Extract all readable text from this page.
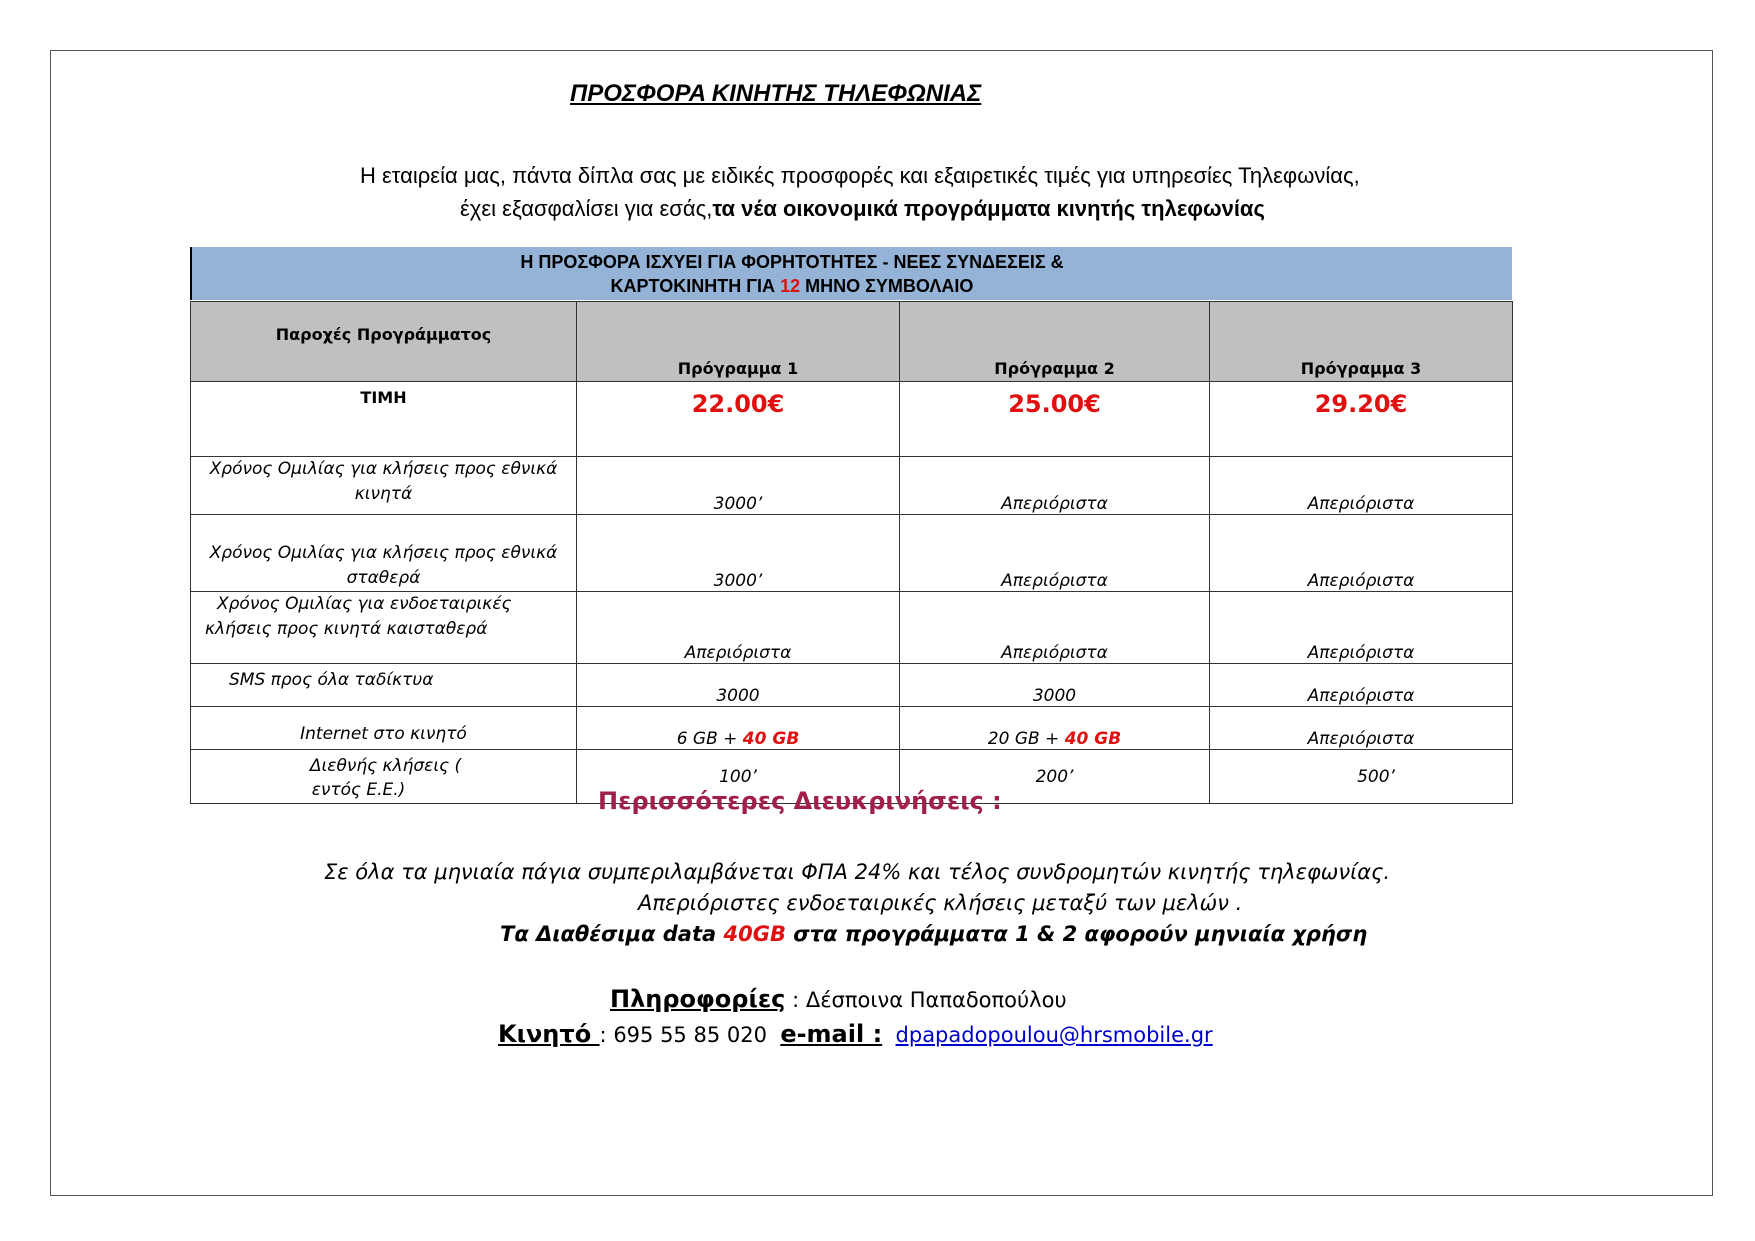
ΠΡΟΣΦΟΡΑ ΚΙΝΗΤΗΣ ΤΗΛΕΦΩΝΙΑΣ
Η εταιρεία μας, πάντα δίπλα σας με ειδικές προσφορές και εξαιρετικές τιμές για υπηρεσίες Τηλεφωνίας,
έχει εξασφαλίσει για εσάς,τα νέα οικονομικά προγράμματα κινητής τηλεφωνίας
Η ΠΡΟΣΦΟΡΑ ΙΣΧΥΕΙ ΓΙΑ ΦΟΡΗΤΟΤΗΤΕΣ - ΝΕΕΣ ΣΥΝΔΕΣΕΙΣ &
ΚΑΡΤΟΚΙΝΗΤΗ ΓΙΑ 12 ΜΗΝΟ ΣΥΜΒΟΛΑΙΟ
Παροχές Προγράμματος	Πρόγραμμα 1	Πρόγραμμα 2	Πρόγραμμα 3
ΤΙΜΗ	22.00€	25.00€	29.20€

Χρόνος Ομιλίας για κλήσεις προς εθνικά
κινητά	3000’	Απεριόριστα	Απεριόριστα

Χρόνος Ομιλίας για κλήσεις προς εθνικά
σταθερά	3000’	Απεριόριστα	Απεριόριστα

Χρόνος Ομιλίας για ενδοεταιρικές
κλήσεις προς κινητά καισταθερά	Απεριόριστα	Απεριόριστα	Απεριόριστα

SMS προς όλα ταδίκτυα	3000	3000	Απεριόριστα
Internet στο κινητό	6 GB + 40 GB	20 GB + 40 GB	Απεριόριστα

Διεθνής κλήσεις (
εντός Ε.Ε.)	100’	200’	500’
Περισσότερες Διευκρινήσεις :
Σε όλα τα μηνιαία πάγια συμπεριλαμβάνεται ΦΠΑ 24% και τέλος συνδρομητών κινητής τηλεφωνίας.
Απεριόριστες ενδοεταιρικές κλήσεις μεταξύ των μελών .
Τα Διαθέσιμα data 40GB στα προγράμματα 1 & 2 αφορούν μηνιαία χρήση
Πληροφορίες : Δέσποινα Παπαδοπούλου
Κινητό : 695 55 85 020 e-mail : dpapadopoulou@hrsmobile.gr
